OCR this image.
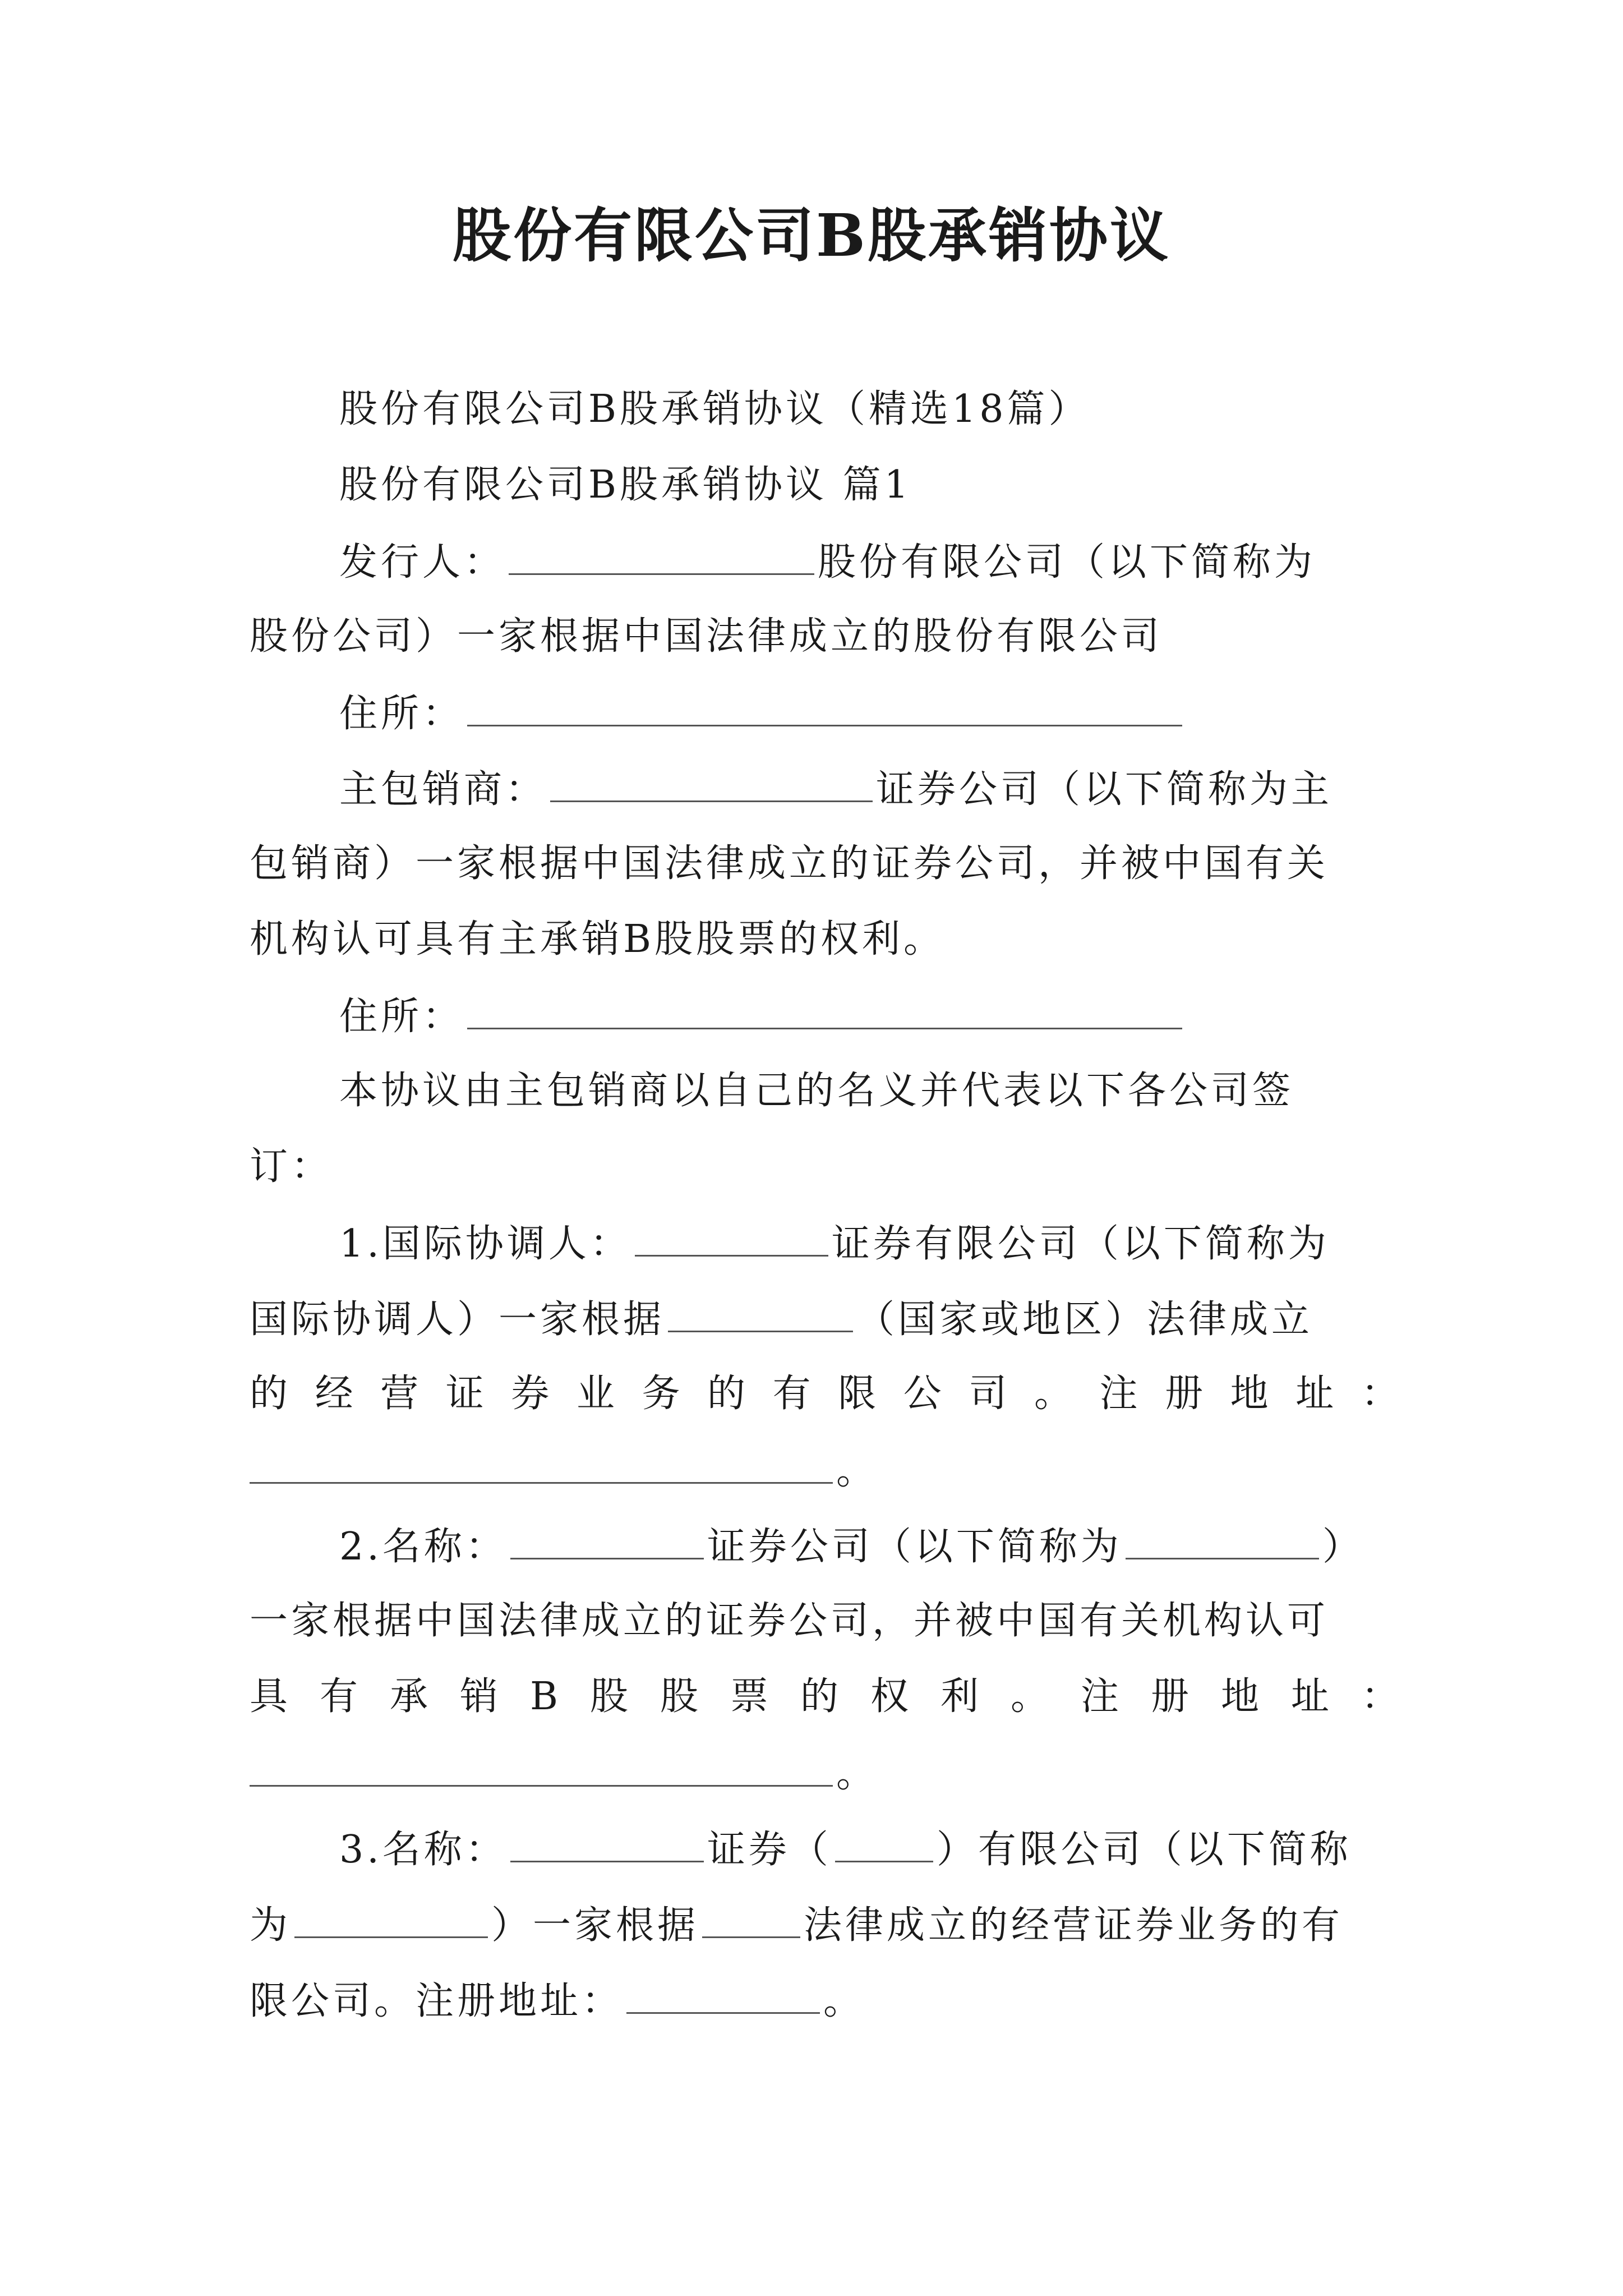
股份有限公司B股承销协议
股份有限公司B股承销协议（精选18篇）
股份有限公司B股承销协议 篇1
发行人：	股份有限公司（以下简称为
股份公司）一家根据中国法律成立的股份有限公司
住所：
主包销商：	证券公司（以下简称为主
包销商）一家根据中国法律成立的证券公司，并被中国有关
机构认可具有主承销B股股票的权利。
住所：
本协议由主包销商以自己的名义并代表以下各公司签
订：
1.国际协调人：	证券有限公司（以下简称为
国际协调人）一家根据	（国家或地区）法律成立
的 经 营 证 券 业 务 的 有 限 公 司 。 注 册 地 址 ：
。
2.名称：	证券公司（以下简称为	）
一家根据中国法律成立的证券公司，并被中国有关机构认可
具 有 承 销 B 股 股 票 的 权 利 。 注 册 地 址 ：
。
3.名称：	证券（	）有限公司（以下简称
为	）一家根据	法律成立的经营证券业务的有
限公司。注册地址：	。
